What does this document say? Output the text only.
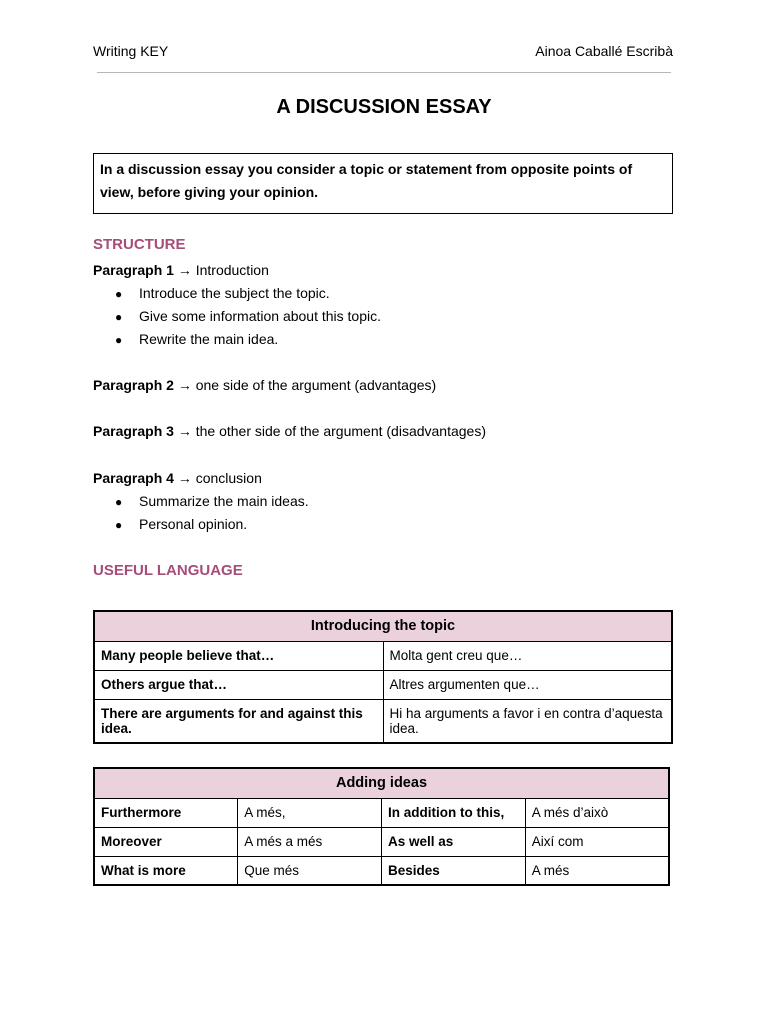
Writing KEY	Ainoa Caballé Escribà
A DISCUSSION ESSAY
In a discussion essay you consider a topic or statement from opposite points of view, before giving your opinion.
STRUCTURE
Paragraph 1 → Introduction
● Introduce the subject the topic.
● Give some information about this topic.
● Rewrite the main idea.
Paragraph 2 → one side of the argument (advantages)
Paragraph 3 → the other side of the argument (disadvantages)
Paragraph 4 → conclusion
● Summarize the main ideas.
● Personal opinion.
USEFUL LANGUAGE
Introducing the topic	
Many people believe that…	Molta gent creu que…
Others argue that…	Altres argumenten que…
There are arguments for and against this idea.	Hi ha arguments a favor i en contra d’aquesta idea.
Adding ideas			
Furthermore	A més,	In addition to this,	A més d’això
Moreover	A més a més	As well as	Així com
What is more	Que més	Besides	A més
